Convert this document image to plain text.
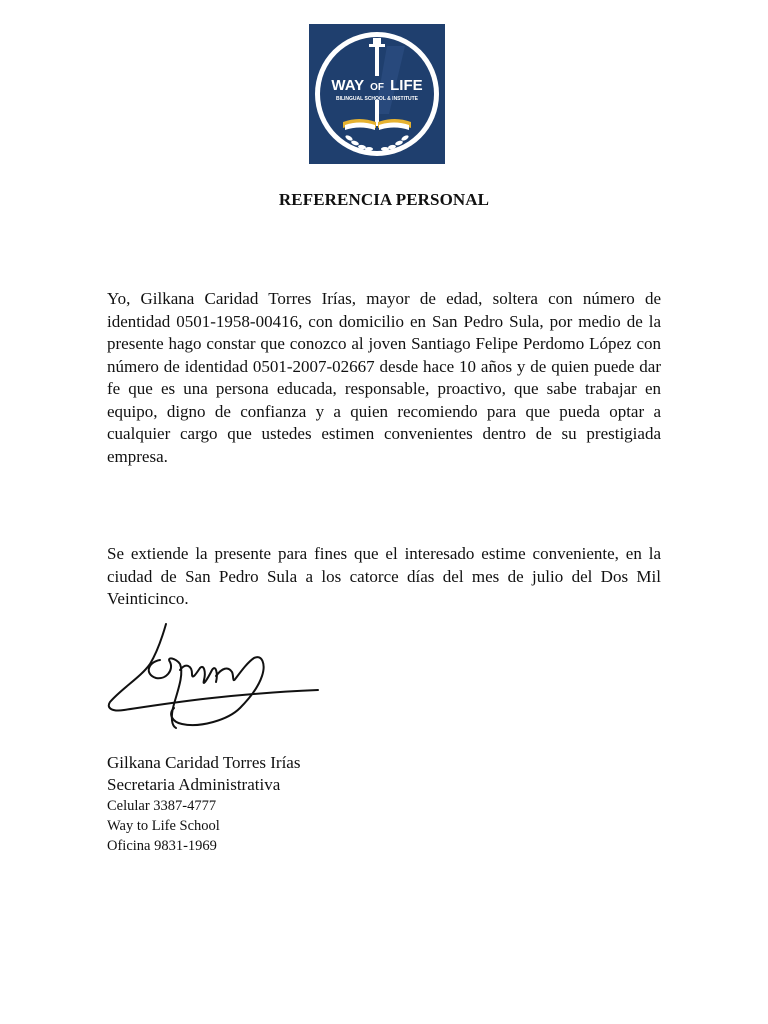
WAY OF LIFE
BILINGUAL SCHOOL & INSTITUTE
REFERENCIA PERSONAL

Yo, Gilkana Caridad Torres Irías, mayor de edad, soltera con número de identidad 0501-1958-00416, con domicilio en San Pedro Sula, por medio de la presente hago constar que conozco al joven Santiago Felipe Perdomo López con número de identidad 0501-2007-02667 desde hace 10 años y de quien puede dar fe que es una persona educada, responsable, proactivo, que sabe trabajar en equipo, digno de confianza y a quien recomiendo para que pueda optar a cualquier cargo que ustedes estimen convenientes dentro de su prestigiada empresa.

Se extiende la presente para fines que el interesado estime conveniente, en la ciudad de San Pedro Sula a los catorce días del mes de julio del Dos Mil Veinticinco.

Gilkana Caridad Torres Irías

Secretaria Administrativa

Celular 3387-4777

Way to Life School

Oficina 9831-1969
